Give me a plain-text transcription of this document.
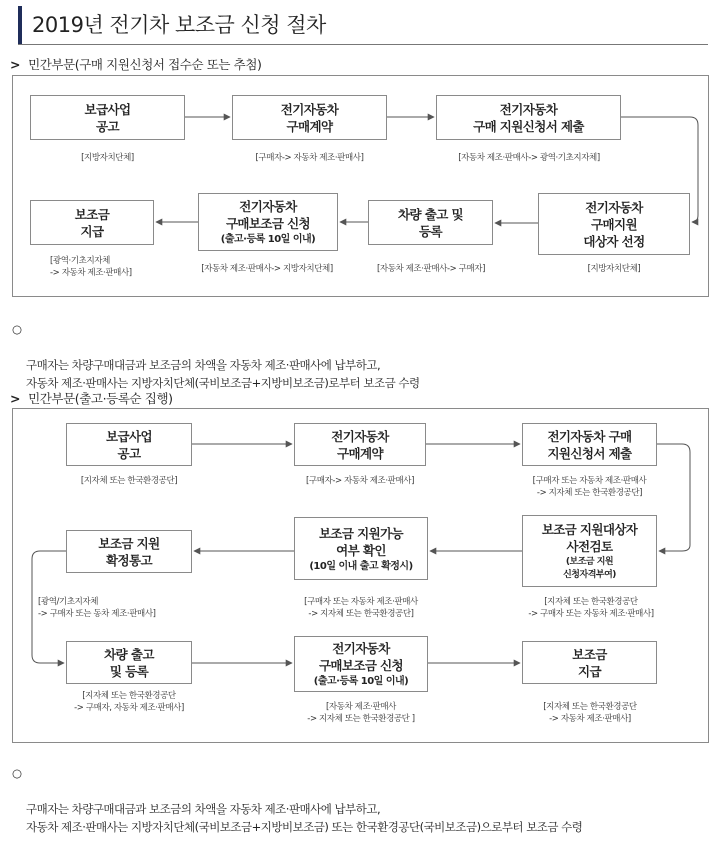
2019년 전기차 보조금 신청 절차
> 민간부문(구매 지원신청서 접수순 또는 추첨)
보급사업
공고
[지방자치단체]
전기자동차
구매계약
[구매자-> 자동차 제조·판매사]
전기자동차
구매 지원신청서 제출
[자동차 제조·판매사-> 광역·기초지자체]
전기자동차
구매지원
대상자 선정
[지방자치단체]
차량 출고 및
등록
[자동차 제조·판매사-> 구매자]
전기자동차
구매보조금 신청
(출고·등록 10일 이내)
[자동차 제조·판매사-> 지방자치단체]
보조금
지급
[광역·기초지자체
-> 자동차 제조·판매사]

○

구매자는 차량구매대금과 보조금의 차액을 자동차 제조·판매사에 납부하고,
자동차 제조·판매사는 지방자치단체(국비보조금+지방비보조금)로부터 보조금 수령

> 민간부문(출고·등록순 집행)
보급사업
공고
[지자체 또는 한국환경공단]
전기자동차
구매계약
[구매자-> 자동차 제조·판매사]
전기자동차 구매
지원신청서 제출
[구매자 또는 자동차 제조·판매사
-> 지자체 또는 한국환경공단]
보조금 지원대상자
사전검토
(보조금 지원
신청자격부여)
[지자체 또는 한국환경공단
-> 구매자 또는 자동차 제조·판매사]
보조금 지원가능
여부 확인
(10일 이내 출고 확정시)
[구매자 또는 자동차 제조·판매사
-> 지자체 또는 한국환경공단]
보조금 지원
확정통고
[광역/기초지자체
-> 구매자 또는 동차 제조·판매사]
차량 출고
및 등록
[지자체 또는 한국환경공단
-> 구매자, 자동차 제조·판매사]
전기자동차
구매보조금 신청
(출고·등록 10일 이내)
[자동차 제조·판매사
-> 지자체 또는 한국환경공단 ]
보조금
지급
[지자체 또는 한국환경공단
-> 자동차 제조·판매사]

○

구매자는 차량구매대금과 보조금의 차액을 자동차 제조·판매사에 납부하고,
자동차 제조·판매사는 지방자치단체(국비보조금+지방비보조금) 또는 한국환경공단(국비보조금)으로부터 보조금 수령
